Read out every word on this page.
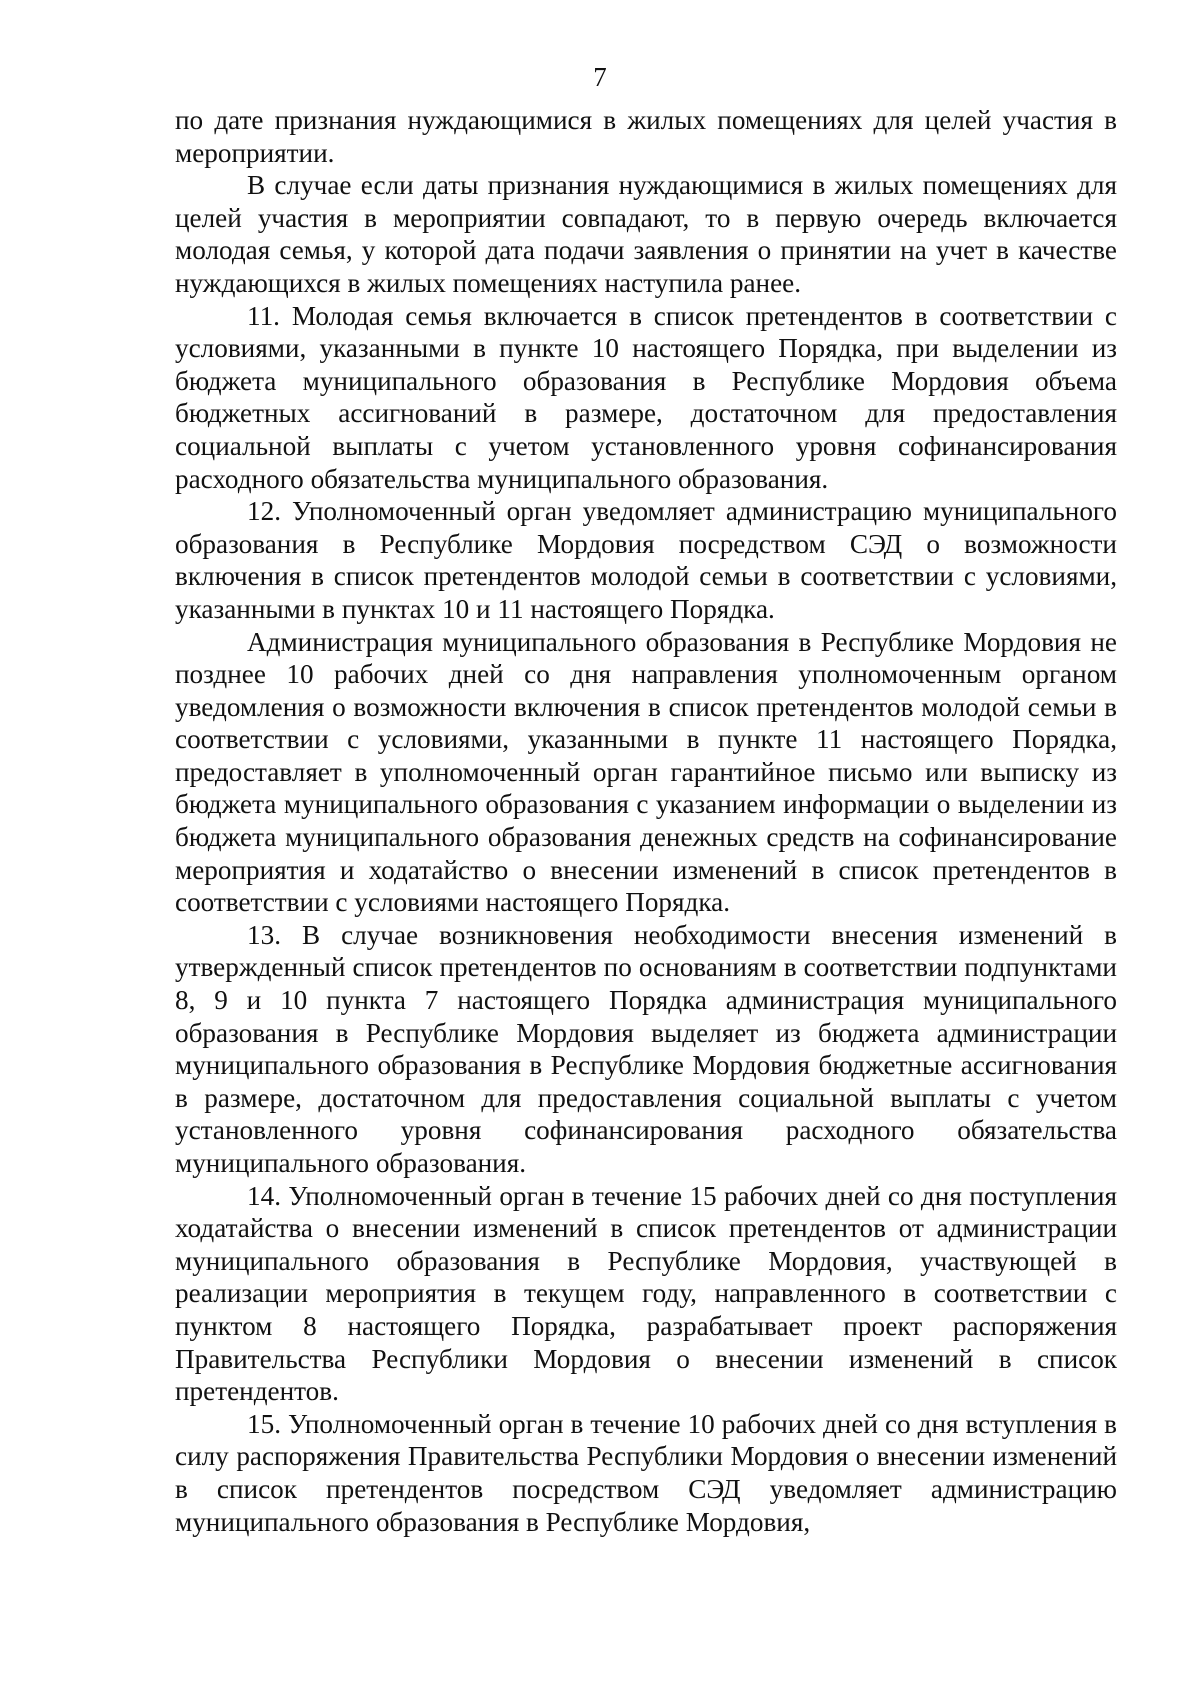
7

по дате признания нуждающимися в жилых помещениях для целей участия в мероприятии.

В случае если даты признания нуждающимися в жилых помещениях для целей участия в мероприятии совпадают, то в первую очередь включается молодая семья, у которой дата подачи заявления о принятии на учет в качестве нуждающихся в жилых помещениях наступила ранее.

11. Молодая семья включается в список претендентов в соответствии с условиями, указанными в пункте 10 настоящего Порядка, при выделении из бюджета муниципального образования в Республике Мордовия объема бюджетных ассигнований в размере, достаточном для предоставления социальной выплаты с учетом установленного уровня софинансирования расходного обязательства муниципального образования.

12. Уполномоченный орган уведомляет администрацию муниципального образования в Республике Мордовия посредством СЭД о возможности включения в список претендентов молодой семьи в соответствии с условиями, указанными в пунктах 10 и 11 настоящего Порядка.

Администрация муниципального образования в Республике Мордовия не позднее 10 рабочих дней со дня направления уполномоченным органом уведомления о возможности включения в список претендентов молодой семьи в соответствии с условиями, указанными в пункте 11 настоящего Порядка, предоставляет в уполномоченный орган гарантийное письмо или выписку из бюджета муниципального образования с указанием информации о выделении из бюджета муниципального образования денежных средств на софинансирование мероприятия и ходатайство о внесении изменений в список претендентов в соответствии с условиями настоящего Порядка.

13. В случае возникновения необходимости внесения изменений в утвержденный список претендентов по основаниям в соответствии подпунктами 8, 9 и 10 пункта 7 настоящего Порядка администрация муниципального образования в Республике Мордовия выделяет из бюджета администрации муниципального образования в Республике Мордовия бюджетные ассигнования в размере, достаточном для предоставления социальной выплаты с учетом установленного уровня софинансирования расходного обязательства муниципального образования.

14. Уполномоченный орган в течение 15 рабочих дней со дня поступления ходатайства о внесении изменений в список претендентов от администрации муниципального образования в Республике Мордовия, участвующей в реализации мероприятия в текущем году, направленного в соответствии с пунктом 8 настоящего Порядка, разрабатывает проект распоряжения Правительства Республики Мордовия о внесении изменений в список претендентов.

15. Уполномоченный орган в течение 10 рабочих дней со дня вступления в силу распоряжения Правительства Республики Мордовия о внесении изменений в список претендентов посредством СЭД уведомляет администрацию муниципального образования в Республике Мордовия,
